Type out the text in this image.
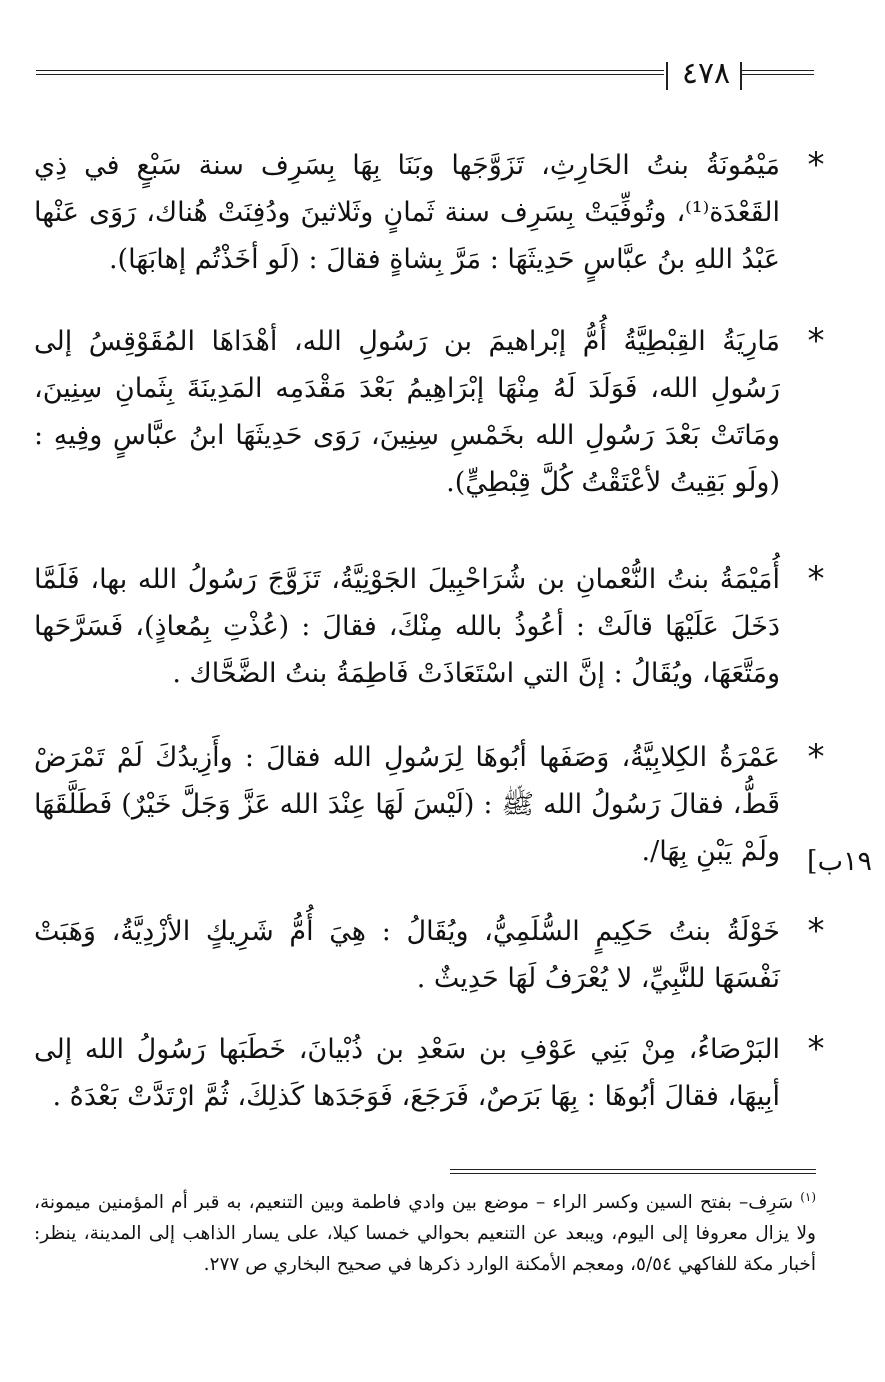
٤٧٨
*
مَيْمُونَةُ بنتُ الحَارِثِ، تَزَوَّجَها وبَنَا بِهَا بِسَرِف سنة سَبْعٍ في ذِي القَعْدَة⁽¹⁾، وتُوفِّيَتْ بِسَرِف سنة ثَمانٍ وثَلاثينَ ودُفِنَتْ هُناك، رَوَى عَنْها عَبْدُ اللهِ بنُ عبَّاسٍ حَدِيثَهَا : مَرَّ بِشاةٍ فقالَ : (لَو أخَذْتُم إهابَهَا).
*
مَارِيَةُ القِبْطِيَّةُ أُمُّ إبْراهيمَ بن رَسُولِ الله، أهْدَاهَا المُقَوْقِسُ إلى رَسُولِ الله، فَوَلَدَ لَهُ مِنْهَا إبْرَاهِيمُ بَعْدَ مَقْدَمِه المَدِينَةَ بِثَمانِ سِنِينَ، ومَاتَتْ بَعْدَ رَسُولِ الله بخَمْسِ سِنِينَ، رَوَى حَدِيثَهَا ابنُ عبَّاسٍ وفِيهِ : (ولَو بَقِيتُ لأعْتَقْتُ كُلَّ قِبْطِيٍّ).
*
أُمَيْمَةُ بنتُ النُّعْمانِ بن شُرَاحْبِيلَ الجَوْنِيَّةُ، تَزَوَّجَ رَسُولُ الله بها، فَلَمَّا دَخَلَ عَلَيْهَا قالَتْ : أعُوذُ بالله مِنْكَ، فقالَ : (عُذْتِ بِمُعاذٍ)، فَسَرَّحَها ومَتَّعَهَا، ويُقَالُ : إنَّ التي اسْتَعَاذَتْ فَاطِمَةُ بنتُ الضَّحَّاك .
*
عَمْرَةُ الكِلابِيَّةُ، وَصَفَها أبُوهَا لِرَسُولِ الله فقالَ : وأَزِيدُكَ لَمْ تَمْرَضْ قَطُّ، فقالَ رَسُولُ الله ﷺ : (لَيْسَ لَهَا عِنْدَ الله عَزَّ وَجَلَّ خَيْرٌ) فَطَلَّقَهَا ولَمْ يَبْنِ بِهَا/.	١٩ب]
*
خَوْلَةُ بنتُ حَكِيمٍ السُّلَمِيُّ، ويُقَالُ : هِيَ أُمُّ شَرِيكٍ الأزْدِيَّةُ، وَهَبَتْ نَفْسَهَا للنَّبِيِّ، لا يُعْرَفُ لَهَا حَدِيثٌ .
*
البَرْصَاءُ، مِنْ بَنِي عَوْفِ بن سَعْدِ بن ذُبْيانَ، خَطَبَها رَسُولُ الله إلى أبِيهَا، فقالَ أبُوهَا : بِهَا بَرَصٌ، فَرَجَعَ، فَوَجَدَها كَذلِكَ، ثُمَّ ارْتَدَّتْ بَعْدَهُ .
$^{(١)}$ سَرِف– بفتح السين وكسر الراء – موضع بين وادي فاطمة وبين التنعيم، به قبر أم المؤمنين ميمونة، ولا يزال معروفا إلى اليوم، ويبعد عن التنعيم بحوالي خمسا كيلا، على يسار الذاهب إلى المدينة، ينظر: أخبار مكة للفاكهي ٥/٥٤، ومعجم الأمكنة الوارد ذكرها في صحيح البخاري ص ٢٧٧.
